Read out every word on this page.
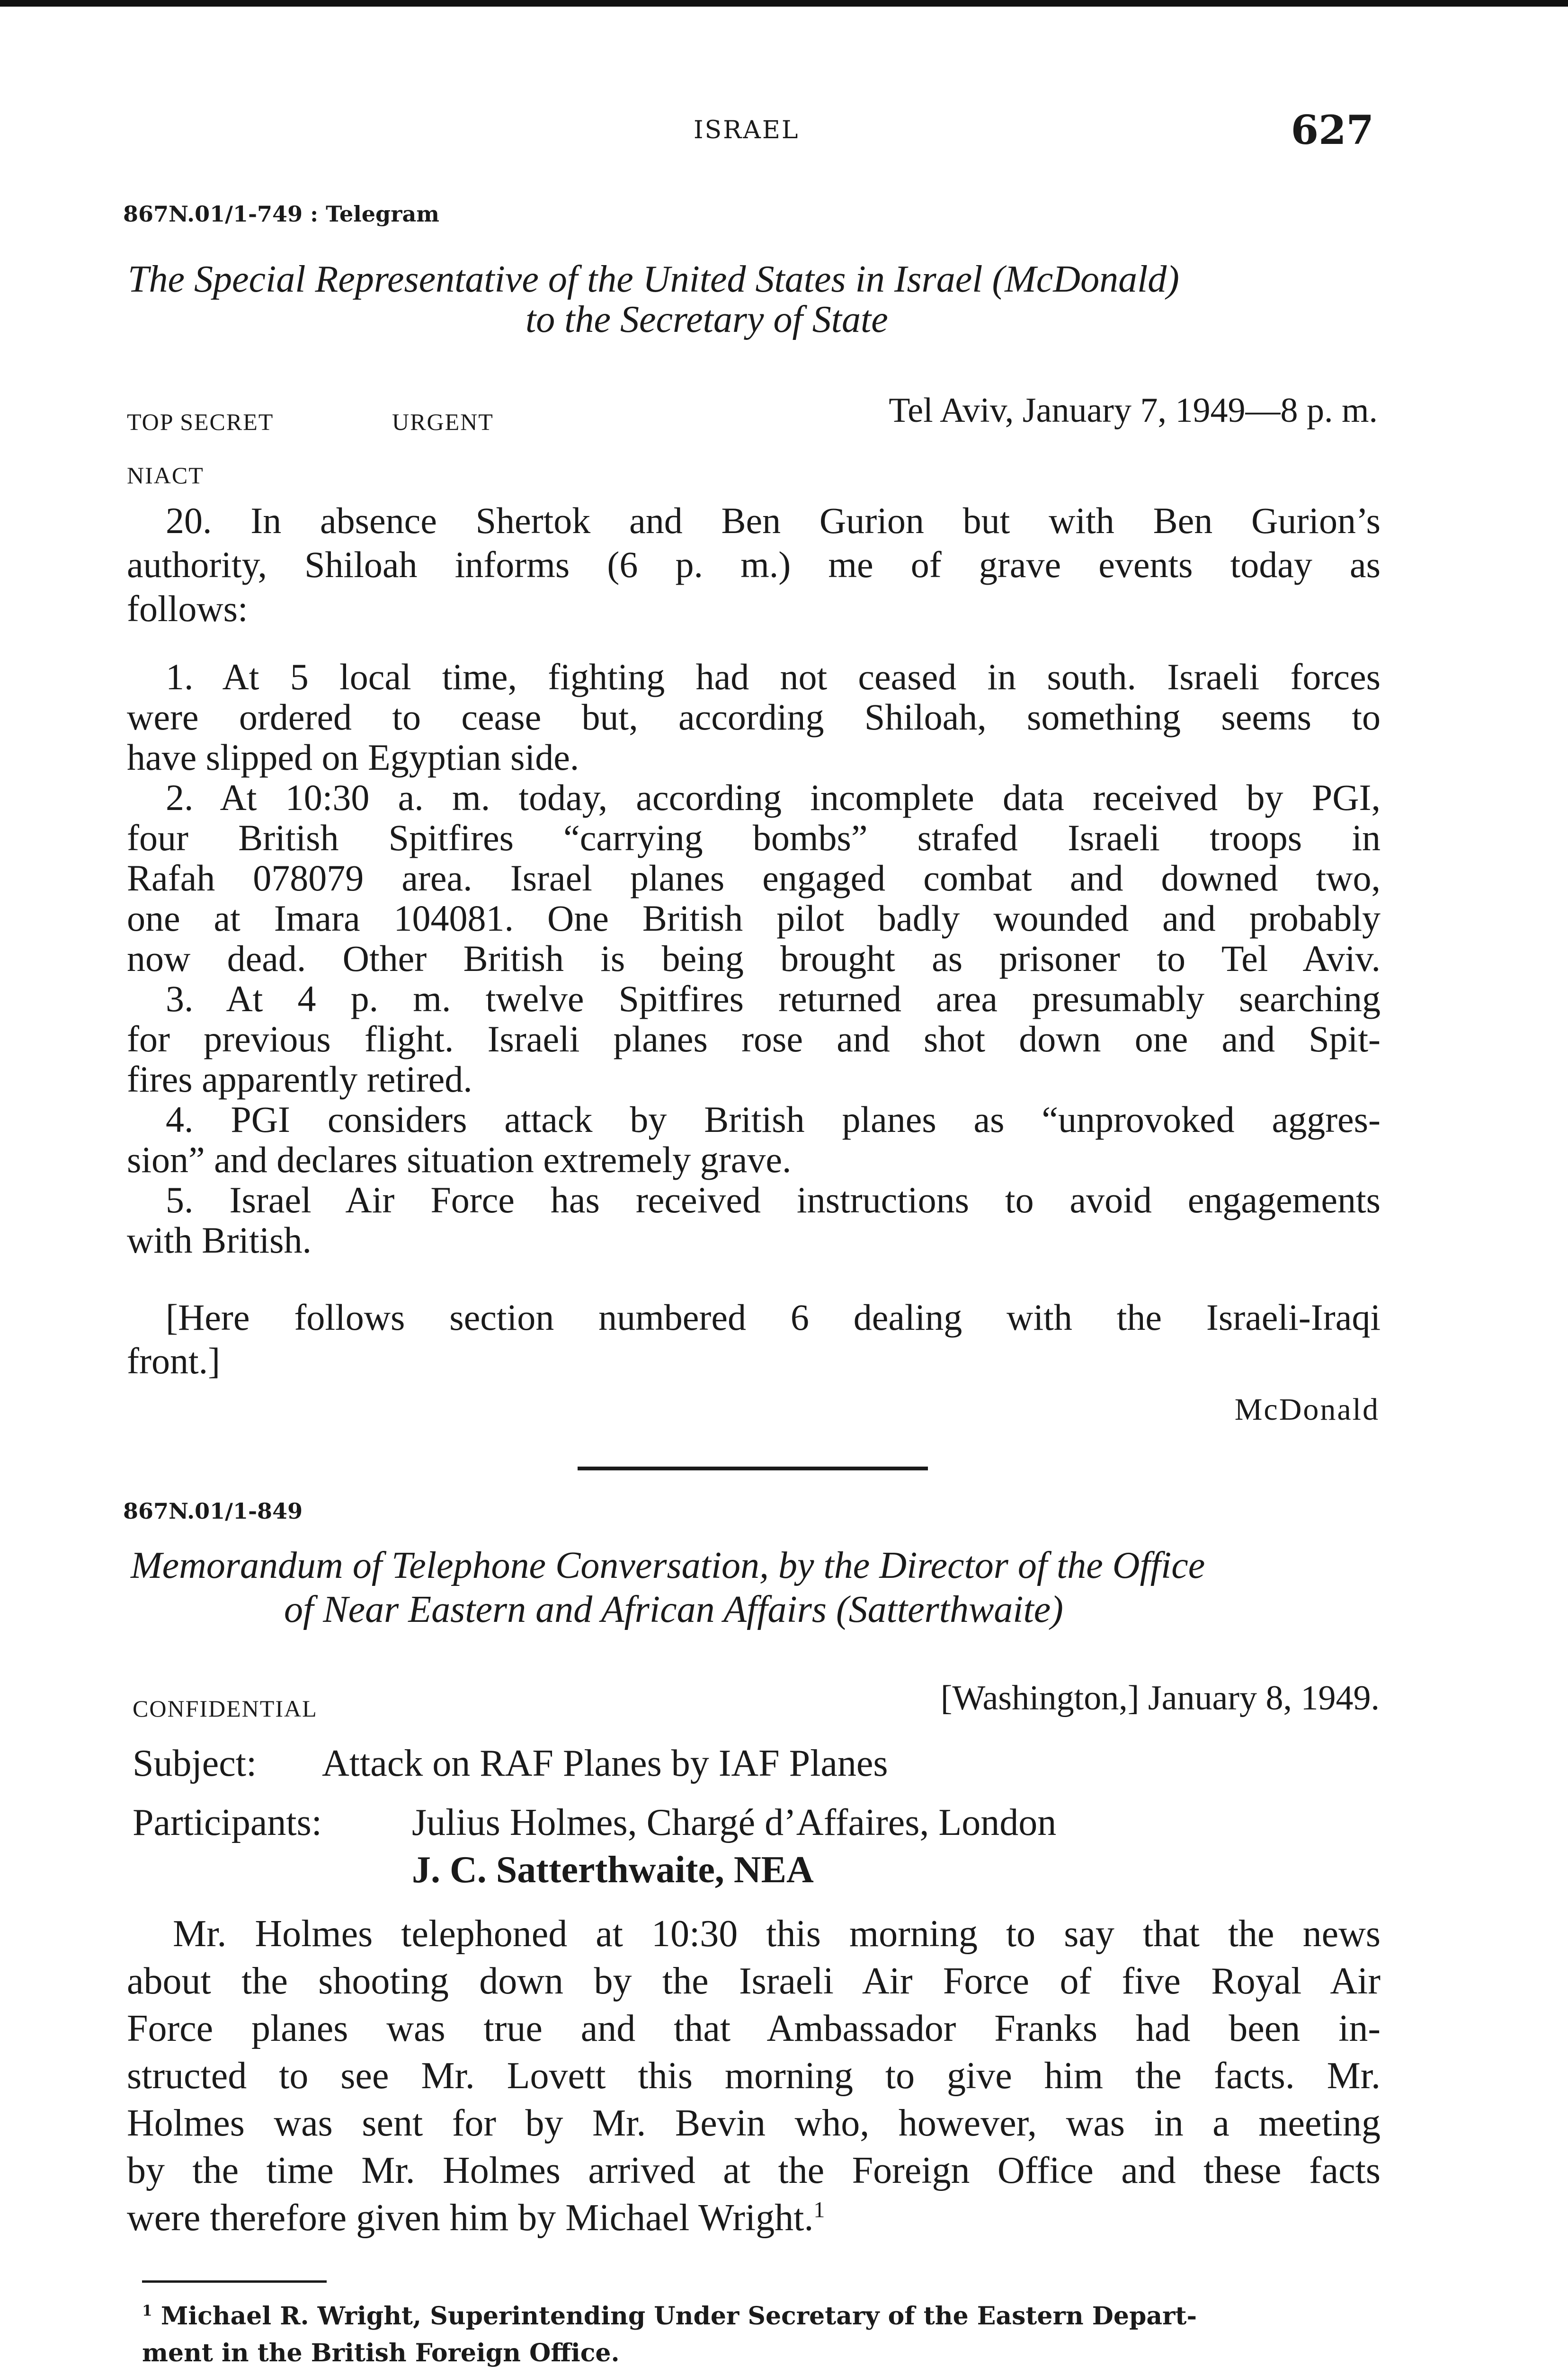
ISRAEL	627
867N.01/1-749 : Telegram
The Special Representative of the United States in Israel (McDonald)
to the Secretary of State
TOP SECRET	URGENT	Tel Aviv, January 7, 1949—8 p. m.
NIACT
20. In absence Shertok and Ben Gurion but with Ben Gurion’s
authority, Shiloah informs (6 p. m.) me of grave events today as
follows:
1. At 5 local time, fighting had not ceased in south. Israeli forces
were ordered to cease but, according Shiloah, something seems to
have slipped on Egyptian side.
2. At 10:30 a. m. today, according incomplete data received by PGI,
four British Spitfires “carrying bombs” strafed Israeli troops in
Rafah 078079 area. Israel planes engaged combat and downed two,
one at Imara 104081. One British pilot badly wounded and probably
now dead. Other British is being brought as prisoner to Tel Aviv.
3. At 4 p. m. twelve Spitfires returned area presumably searching
for previous flight. Israeli planes rose and shot down one and Spit-
fires apparently retired.
4. PGI considers attack by British planes as “unprovoked aggres-
sion” and declares situation extremely grave.
5. Israel Air Force has received instructions to avoid engagements
with British.
[Here follows section numbered 6 dealing with the Israeli-Iraqi
front.]
McDonald
867N.01/1-849
Memorandum of Telephone Conversation, by the Director of the Office
of Near Eastern and African Affairs (Satterthwaite)
CONFIDENTIAL	[Washington,] January 8, 1949.
Subject: Attack on RAF Planes by IAF Planes
Participants: Julius Holmes, Chargé d’Affaires, London
J. C. Satterthwaite, NEA
Mr. Holmes telephoned at 10:30 this morning to say that the news
about the shooting down by the Israeli Air Force of five Royal Air
Force planes was true and that Ambassador Franks had been in-
structed to see Mr. Lovett this morning to give him the facts. Mr.
Holmes was sent for by Mr. Bevin who, however, was in a meeting
by the time Mr. Holmes arrived at the Foreign Office and these facts
were therefore given him by Michael Wright.$^1$
$^1$ Michael R. Wright, Superintending Under Secretary of the Eastern Depart-
ment in the British Foreign Office.
